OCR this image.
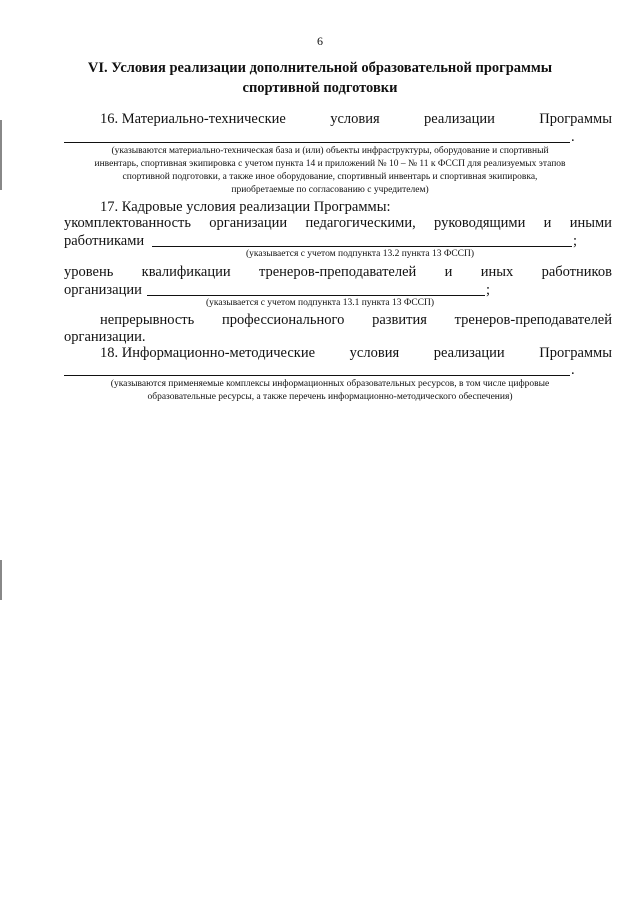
6
VI. Условия реализации дополнительной образовательной программы
спортивной подготовки
16. Материально-технические	условия	реализации	Программы
.
(указываются материально-техническая база и (или) объекты инфраструктуры, оборудование и спортивный
инвентарь, спортивная экипировка с учетом пункта 14 и приложений № 10 – № 11 к ФССП для реализуемых этапов
спортивной подготовки, а также иное оборудование, спортивный инвентарь и спортивная экипировка,
приобретаемые по согласованию с учредителем)
17. Кадровые условия реализации Программы:
укомплектованность организации педагогическими, руководящими и иными
работниками	;
(указывается с учетом подпункта 13.2 пункта 13 ФССП)
уровень квалификации тренеров-преподавателей и иных работников
организации	;
(указывается с учетом подпункта 13.1 пункта 13 ФССП)
непрерывность профессионального развития тренеров-преподавателей
организации.
18. Информационно-методические условия реализации Программы
.
(указываются применяемые комплексы информационных образовательных ресурсов, в том числе цифровые
образовательные ресурсы, а также перечень информационно-методического обеспечения)
